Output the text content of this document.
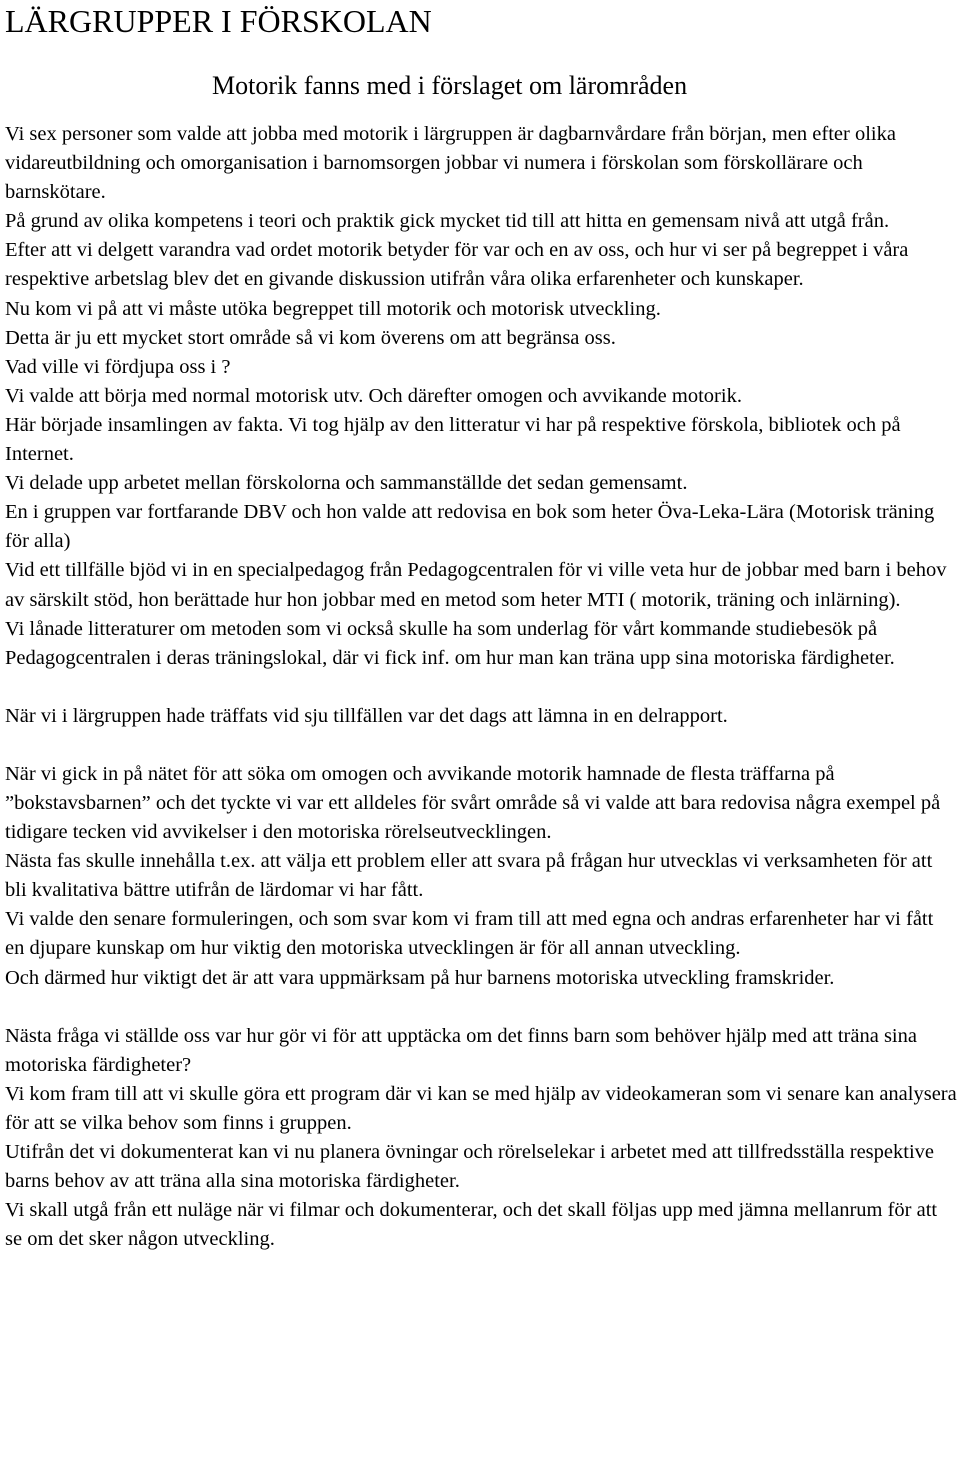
LÄRGRUPPER I FÖRSKOLAN
Motorik fanns med i förslaget om lärområden

Vi sex personer som valde att jobba med motorik i lärgruppen är dagbarnvårdare från början, men efter olika vidareutbildning och omorganisation i barnomsorgen jobbar vi numera i förskolan som förskollärare och barnskötare.

På grund av olika kompetens i teori och praktik gick mycket tid till att hitta en gemensam nivå att utgå från.

Efter att vi delgett varandra vad ordet motorik betyder för var och en av oss, och hur vi ser på begreppet i våra respektive arbetslag blev det en givande diskussion utifrån våra olika erfarenheter och kunskaper.

Nu kom vi på att vi måste utöka begreppet till motorik och motorisk utveckling.

Detta är ju ett mycket stort område så vi kom överens om att begränsa oss.

Vad ville vi fördjupa oss i ?

Vi valde att börja med normal motorisk utv. Och därefter omogen och avvikande motorik.

Här började insamlingen av fakta. Vi tog hjälp av den litteratur vi har på respektive förskola, bibliotek och på Internet.

Vi delade upp arbetet mellan förskolorna och sammanställde det sedan gemensamt.

En i gruppen var fortfarande DBV och hon valde att redovisa en bok som heter Öva-Leka-Lära (Motorisk träning för alla)

Vid ett tillfälle bjöd vi in en specialpedagog från Pedagogcentralen för vi ville veta hur de jobbar med barn i behov av särskilt stöd, hon berättade hur hon jobbar med en metod som heter MTI ( motorik, träning och inlärning).

Vi lånade litteraturer om metoden som vi också skulle ha som underlag för vårt kommande studiebesök på Pedagogcentralen i deras träningslokal, där vi fick inf. om hur man kan träna upp sina motoriska färdigheter.

När vi i lärgruppen hade träffats vid sju tillfällen var det dags att lämna in en delrapport.

När vi gick in på nätet för att söka om omogen och avvikande motorik hamnade de flesta träffarna på ”bokstavsbarnen” och det tyckte vi var ett alldeles för svårt område så vi valde att bara redovisa några exempel på tidigare tecken vid avvikelser i den motoriska rörelseutvecklingen.

Nästa fas skulle innehålla t.ex. att välja ett problem eller att svara på frågan hur utvecklas vi verksamheten för att bli kvalitativa bättre utifrån de lärdomar vi har fått.

Vi valde den senare formuleringen, och som svar kom vi fram till att med egna och andras erfarenheter har vi fått en djupare kunskap om hur viktig den motoriska utvecklingen är för all annan utveckling.

Och därmed hur viktigt det är att vara uppmärksam på hur barnens motoriska utveckling framskrider.

Nästa fråga vi ställde oss var hur gör vi för att upptäcka om det finns barn som behöver hjälp med att träna sina motoriska färdigheter?

Vi kom fram till att vi skulle göra ett program där vi kan se med hjälp av videokameran som vi senare kan analysera för att se vilka behov som finns i gruppen.

Utifrån det vi dokumenterat kan vi nu planera övningar och rörelselekar i arbetet med att tillfredsställa respektive barns behov av att träna alla sina motoriska färdigheter.

Vi skall utgå från ett nuläge när vi filmar och dokumenterar, och det skall följas upp med jämna mellanrum för att se om det sker någon utveckling.
